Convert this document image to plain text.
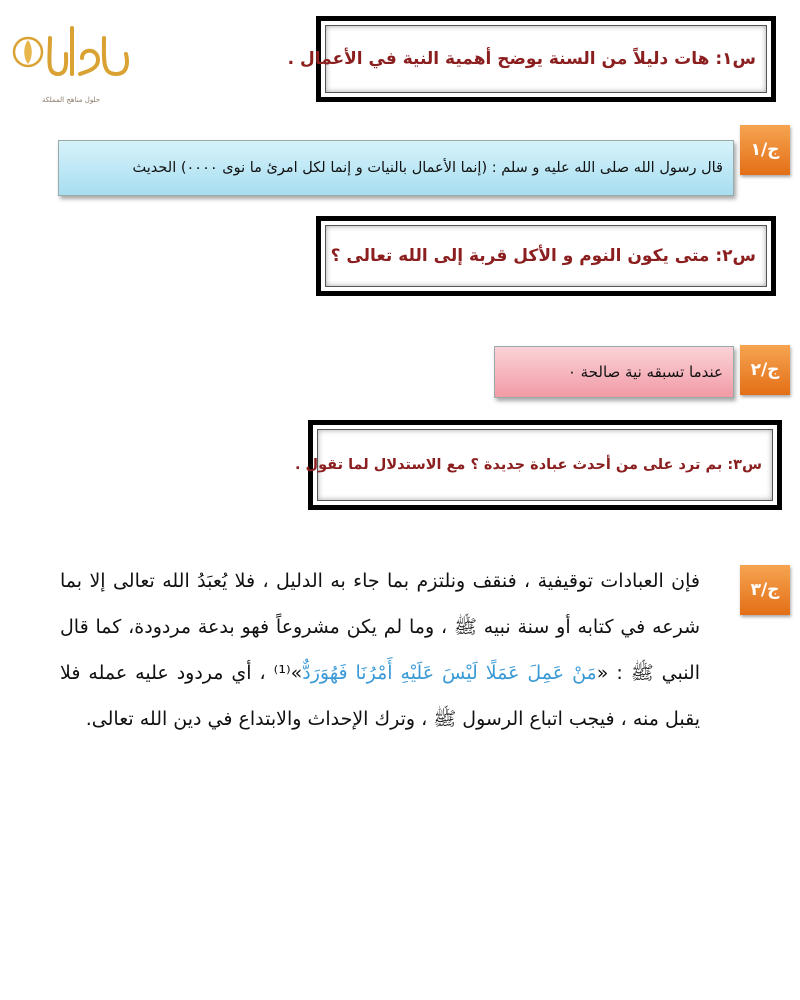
حلول مناهج المملكة
س١: هات دليلاً من السنة يوضح أهمية النية في الأعمال .
ج/١
قال رسول الله صلى الله عليه و سلم : (إنما الأعمال بالنيات و إنما لكل امرئ ما نوى ٠٠٠٠) الحديث
س٢: متى يكون النوم و الأكل قربة إلى الله تعالى ؟
ج/٢
عندما تسبقه نية صالحة ٠
س٣: بم ترد على من أحدث عبادة جديدة ؟ مع الاستدلال لما تقول .
ج/٣
فإن العبادات توقيفية ، فنقف ونلتزم بما جاء به الدليل ، فلا يُعبَدُ الله تعالى إلا بما شرعه في كتابه أو سنة نبيه ﷺ ، وما لم يكن مشروعاً فهو بدعة مردودة، كما قال النبي ﷺ : «مَنْ عَمِلَ عَمَلًا لَيْسَ عَلَيْهِ أَمْرُنَا فَهُوَرَدٌّ»⁽¹⁾ ، أي مردود عليه عمله فلا يقبل منه ، فيجب اتباع الرسول ﷺ ، وترك الإحداث والابتداع في دين الله تعالى.
